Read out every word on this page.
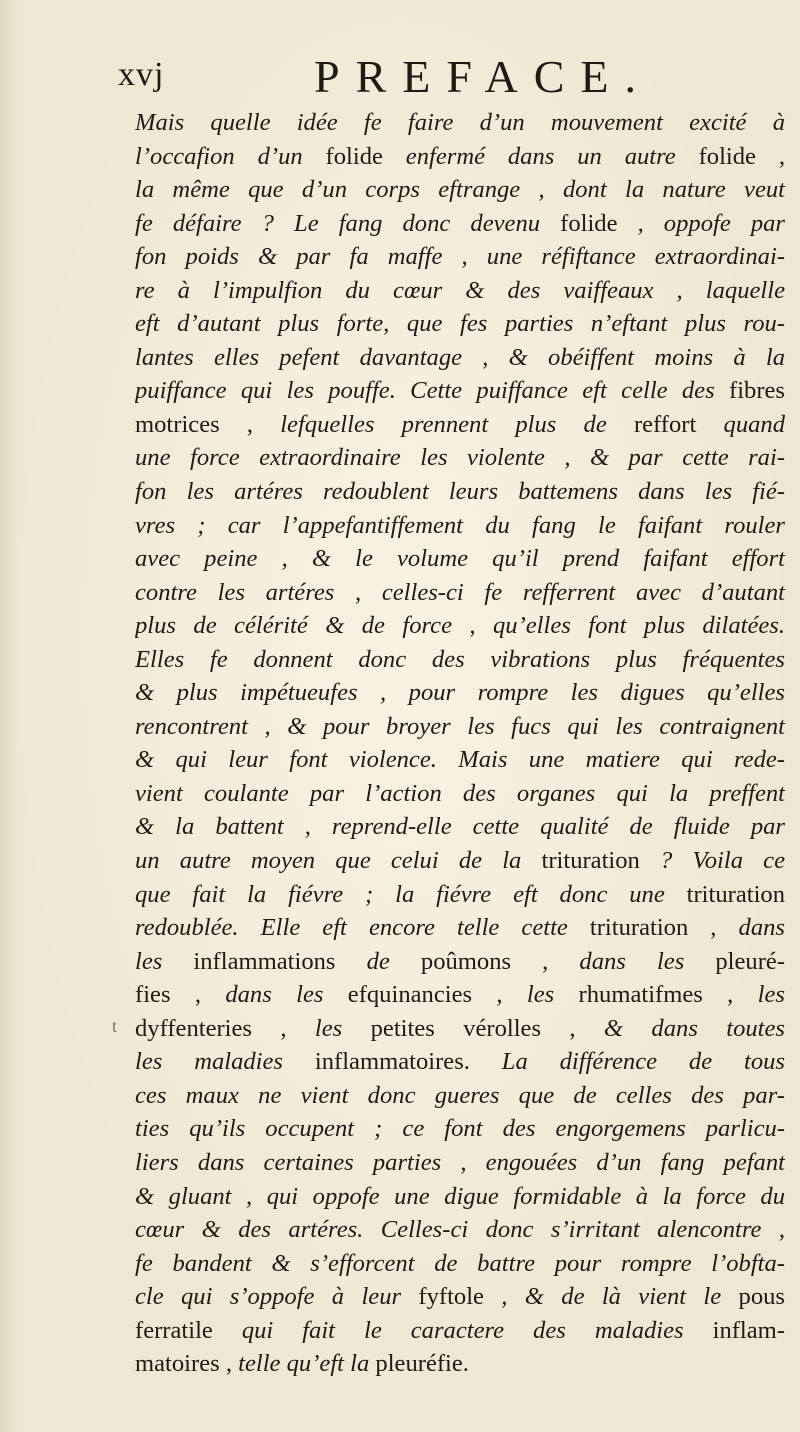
xvj	PREFACE.
Mais quelle idée fe faire d’un mouvement excité à
l’occafion d’un folide enfermé dans un autre folide ,
la même que d’un corps eftrange , dont la nature veut
fe défaire ? Le fang donc devenu folide , oppofe par
fon poids & par fa maffe , une réfiftance extraordinai-
re à l’impulfion du cœur & des vaiffeaux , laquelle
eft d’autant plus forte, que fes parties n’eftant plus rou-
lantes elles pefent davantage , & obéiffent moins à la
puiffance qui les pouffe. Cette puiffance eft celle des fibres
motrices , lefquelles prennent plus de reffort quand
une force extraordinaire les violente , & par cette rai-
fon les artéres redoublent leurs battemens dans les fié-
vres ; car l’appefantiffement du fang le faifant rouler
avec peine , & le volume qu’il prend faifant effort
contre les artéres , celles-ci fe refferrent avec d’autant
plus de célérité & de force , qu’elles font plus dilatées.
Elles fe donnent donc des vibrations plus fréquentes
& plus impétueufes , pour rompre les digues qu’elles
rencontrent , & pour broyer les fucs qui les contraignent
& qui leur font violence. Mais une matiere qui rede-
vient coulante par l’action des organes qui la preffent
& la battent , reprend-elle cette qualité de fluide par
un autre moyen que celui de la trituration ? Voila ce
que fait la fiévre ; la fiévre eft donc une trituration
redoublée. Elle eft encore telle cette trituration , dans
les inflammations de poûmons , dans les pleuré-
fies , dans les efquinancies , les rhumatifmes , les
dyffenteries , les petites vérolles , & dans toutes
les maladies inflammatoires. La différence de tous
ces maux ne vient donc gueres que de celles des par-
ties qu’ils occupent ; ce font des engorgemens parlicu-
liers dans certaines parties , engouées d’un fang pefant
& gluant , qui oppofe une digue formidable à la force du
cœur & des artéres. Celles-ci donc s’irritant alencontre ,
fe bandent & s’efforcent de battre pour rompre l’obfta-
cle qui s’oppofe à leur fyftole , & de là vient le pous
ferratile qui fait le caractere des maladies inflam-
matoires , telle qu’eft la pleuréfie.
t
